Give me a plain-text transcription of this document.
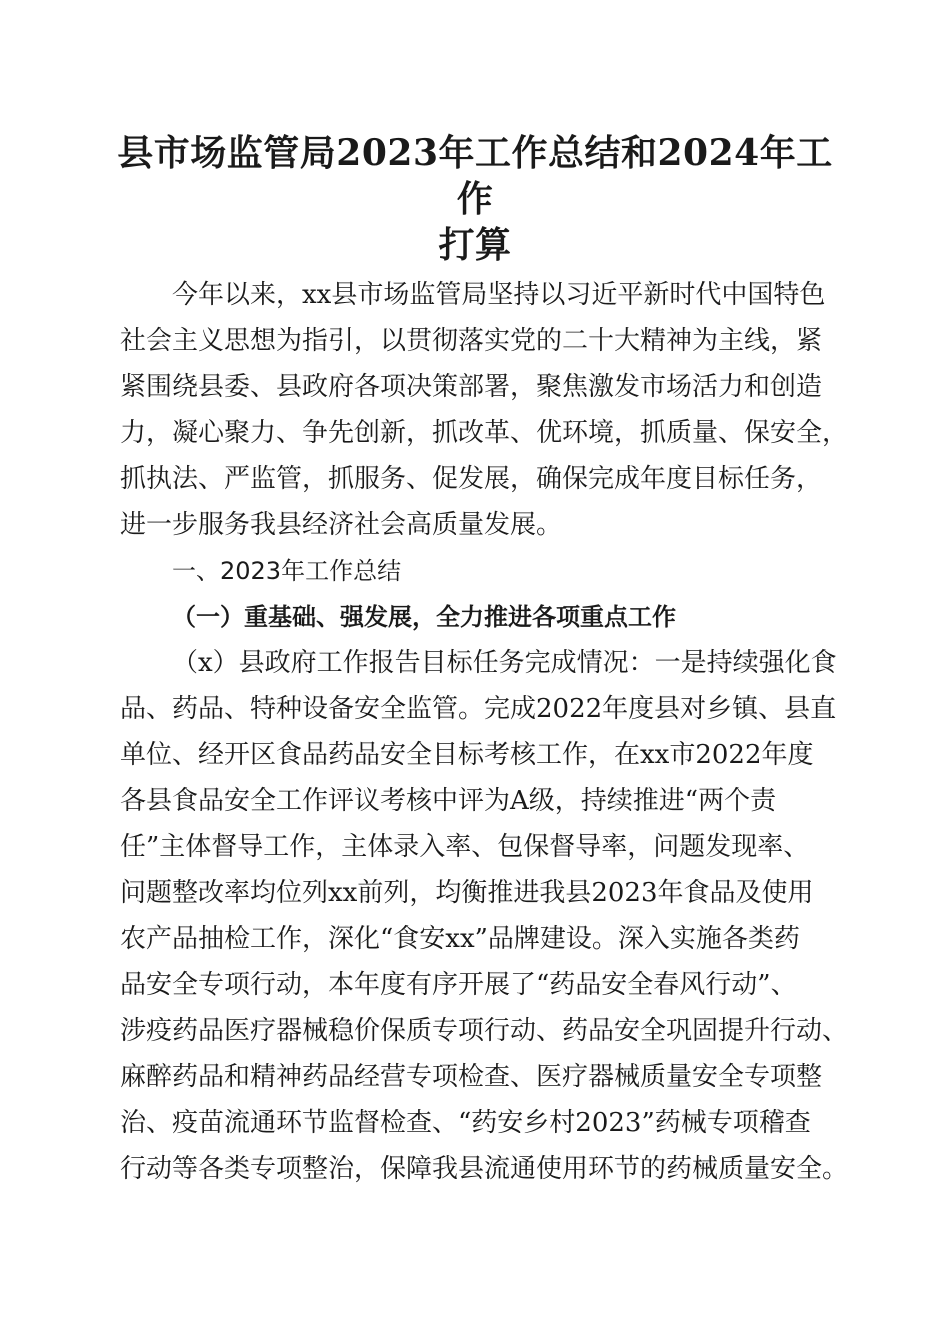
县市场监管局2023年工作总结和2024年工作
打算
今年以来，xx县市场监管局坚持以习近平新时代中国特色
社会主义思想为指引，以贯彻落实党的二十大精神为主线，紧
紧围绕县委、县政府各项决策部署，聚焦激发市场活力和创造
力，凝心聚力、争先创新，抓改革、优环境，抓质量、保安全，
抓执法、严监管，抓服务、促发展，确保完成年度目标任务，
进一步服务我县经济社会高质量发展。
一、2023年工作总结
（一）重基础、强发展，全力推进各项重点工作
（x）县政府工作报告目标任务完成情况：一是持续强化食
品、药品、特种设备安全监管。完成2022年度县对乡镇、县直
单位、经开区食品药品安全目标考核工作，在xx市2022年度
各县食品安全工作评议考核中评为A级，持续推进“两个责
任”主体督导工作，主体录入率、包保督导率，问题发现率、
问题整改率均位列xx前列，均衡推进我县2023年食品及使用
农产品抽检工作，深化“食安xx”品牌建设。深入实施各类药
品安全专项行动，本年度有序开展了“药品安全春风行动”、
涉疫药品医疗器械稳价保质专项行动、药品安全巩固提升行动、
麻醉药品和精神药品经营专项检查、医疗器械质量安全专项整
治、疫苗流通环节监督检查、“药安乡村2023”药械专项稽查
行动等各类专项整治，保障我县流通使用环节的药械质量安全。
